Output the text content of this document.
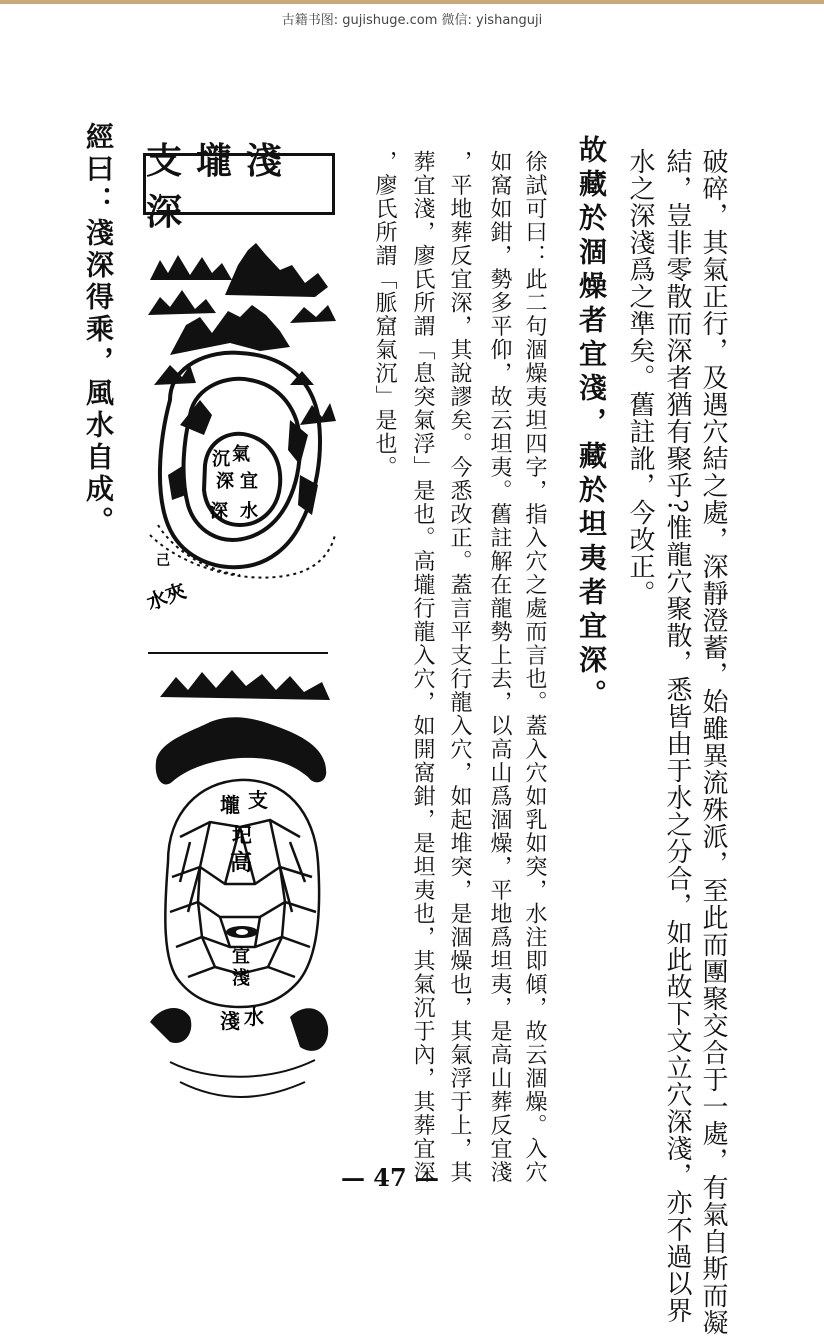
古籍书图: gujishuge.com 微信: yishanguji
破碎，其氣正行，及遇穴結之處，深靜澄蓄，始雖異流殊派，至此而團聚交合于一處，有氣自斯而凝
結，豈非零散而深者猶有聚乎?惟龍穴聚散，悉皆由于水之分合，如此故下文立穴深淺，亦不過以界
水之深淺爲之準矣。舊註訛，今改正。
故藏於涸燥者宜淺，藏於坦夷者宜深。
徐試可曰：此二句涸燥夷坦四字，指入穴之處而言也。蓋入穴如乳如突，水注即傾，故云涸燥。入穴
如窩如鉗，勢多平仰，故云坦夷。舊註解在龍勢上去，以高山爲涸燥，平地爲坦夷，是高山葬反宜淺
，平地葬反宜深，其說謬矣。今悉改正。蓋言平支行龍入穴，如起堆突，是涸燥也，其氣浮于上，其
葬宜淺，廖氏所謂「息突氣浮」是也。高壠行龍入穴，如開窩鉗，是坦夷也，其氣沉于內，其葬宜深
，廖氏所謂「脈窟氣沉」是也。
經曰：淺深得乘，風水自成。 支壠淺深
氣
沉
宜
深
水
深
水夾
己
支
壠
𡉏
高
宜
淺
水
淺
— 47 —
